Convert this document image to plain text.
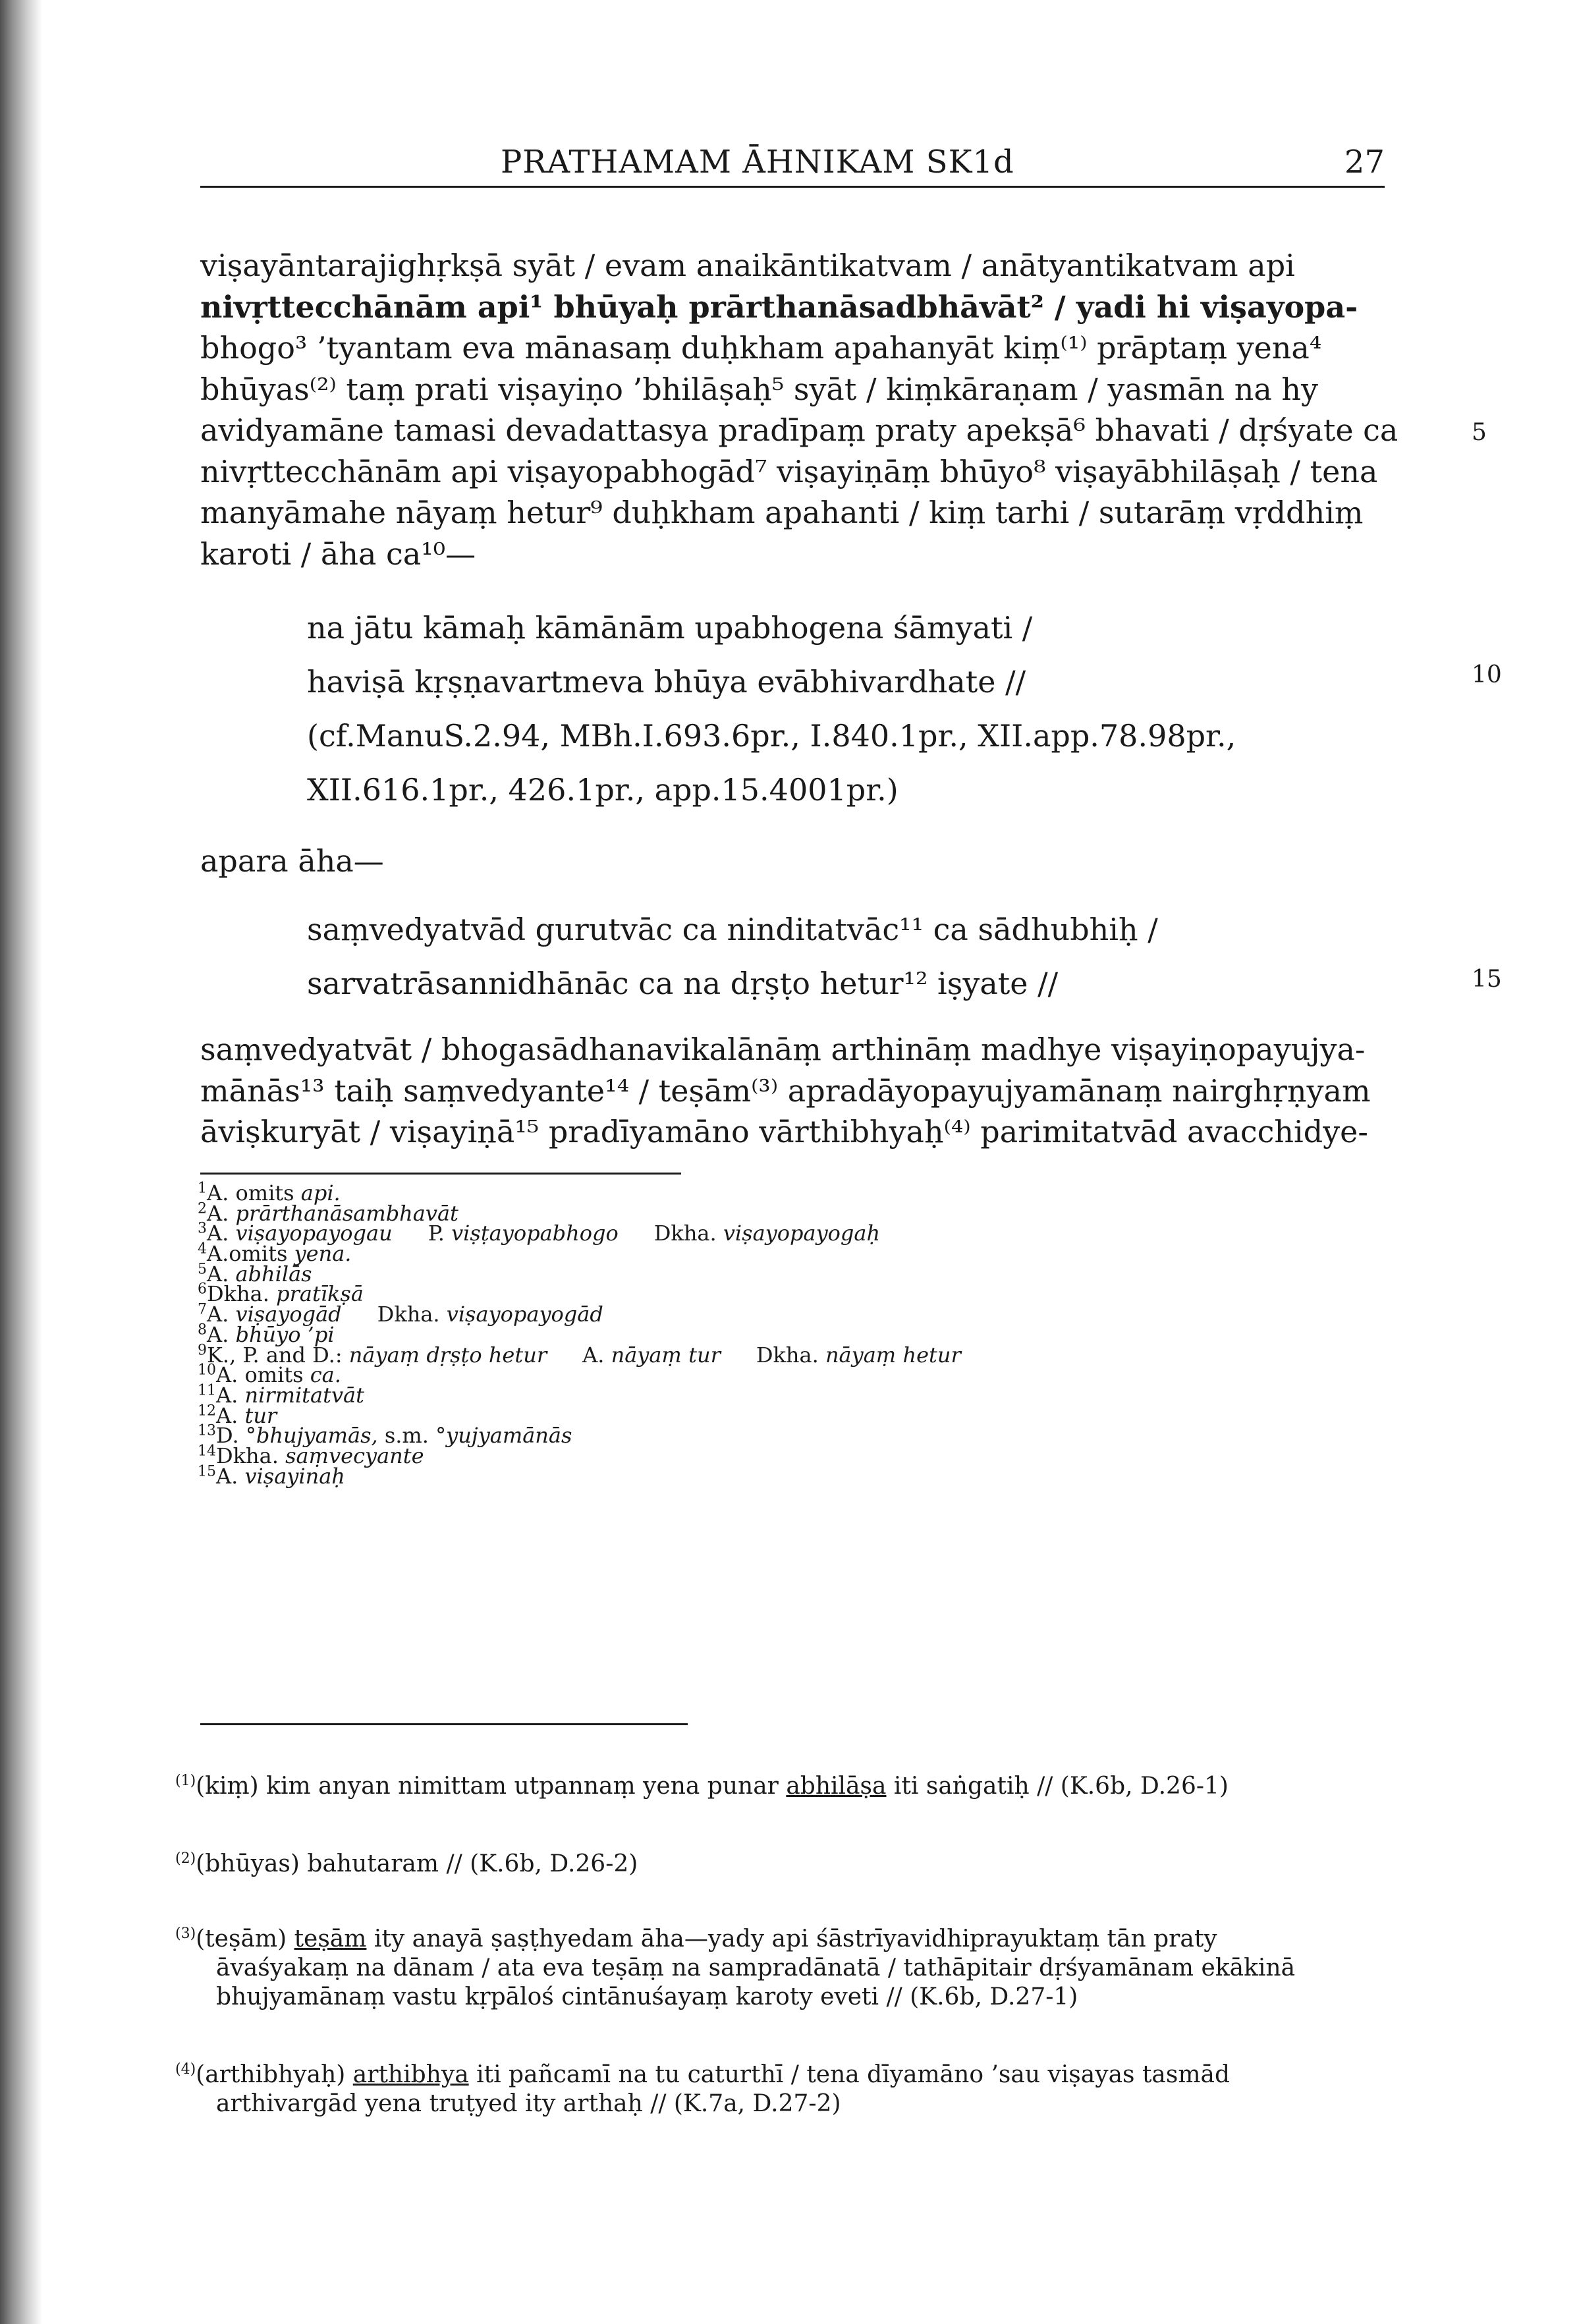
PRATHAMAM ĀHNIKAM SK1d	27
viṣayāntarajighṛkṣā syāt / evam anaikāntikatvam / anātyantikatvam api
nivṛttecchānām api¹ bhūyaḥ prārthanāsadbhāvāt² / yadi hi viṣayopa-
bhogo³ ’tyantam eva mānasaṃ duḥkham apahanyāt kiṃ⁽¹⁾ prāptaṃ yena⁴
bhūyas⁽²⁾ taṃ prati viṣayiṇo ’bhilāṣaḥ⁵ syāt / kiṃkāraṇam / yasmān na hy
avidyamāne tamasi devadattasya pradīpaṃ praty apekṣā⁶ bhavati / dṛśyate ca
nivṛttecchānām api viṣayopabhogād⁷ viṣayiṇāṃ bhūyo⁸ viṣayābhilāṣaḥ / tena
manyāmahe nāyaṃ hetur⁹ duḥkham apahanti / kiṃ tarhi / sutarāṃ vṛddhiṃ
karoti / āha ca¹⁰—
na jātu kāmaḥ kāmānām upabhogena śāmyati /
haviṣā kṛṣṇavartmeva bhūya evābhivardhate //
(cf.ManuS.2.94, MBh.I.693.6pr., I.840.1pr., XII.app.78.98pr.,
XII.616.1pr., 426.1pr., app.15.4001pr.)
apara āha—
saṃvedyatvād gurutvāc ca ninditatvāc¹¹ ca sādhubhiḥ /
sarvatrāsannidhānāc ca na dṛṣṭo hetur¹² iṣyate //
saṃvedyatvāt / bhogasādhanavikalānāṃ arthināṃ madhye viṣayiṇopayujya-
mānās¹³ taiḥ saṃvedyante¹⁴ / teṣām⁽³⁾ apradāyopayujyamānaṃ nairghṛṇyam
āviṣkuryāt / viṣayiṇā¹⁵ pradīyamāno vārthibhyaḥ⁽⁴⁾ parimitatvād avacchidye-
5
10
15
$^1$A. omits api.
$^2$A. prārthanāsambhavāt
$^3$A. viṣayopayogau P. viṣṭayopabhogo Dkha. viṣayopayogaḥ
$^4$A.omits yena.
$^5$A. abhilās
$^6$Dkha. pratīkṣā
$^7$A. viṣayogād Dkha. viṣayopayogād
$^8$A. bhūyo ’pi
$^9$K., P. and D.: nāyaṃ dṛṣṭo hetur A. nāyaṃ tur Dkha. nāyaṃ hetur
$^{10}$A. omits ca.
$^{11}$A. nirmitatvāt
$^{12}$A. tur
$^{13}$D. °bhujyamās, s.m. °yujyamānās
$^{14}$Dkha. saṃvecyante
$^{15}$A. viṣayinaḥ
$^{(1)}$(kiṃ) kim anyan nimittam utpannaṃ yena punar abhilāṣa iti saṅgatiḥ // (K.6b, D.26-1)
$^{(2)}$(bhūyas) bahutaram // (K.6b, D.26-2)
$^{(3)}$(teṣām) teṣām ity anayā ṣaṣṭhyedam āha—yady api śāstrīyavidhiprayuktaṃ tān praty
āvaśyakaṃ na dānam / ata eva teṣāṃ na sampradānatā / tathāpitair dṛśyamānam ekākinā
bhujyamānaṃ vastu kṛpāloś cintānuśayaṃ karoty eveti // (K.6b, D.27-1)
$^{(4)}$(arthibhyaḥ) arthibhya iti pañcamī na tu caturthī / tena dīyamāno ’sau viṣayas tasmād
arthivargād yena truṭyed ity arthaḥ // (K.7a, D.27-2)
